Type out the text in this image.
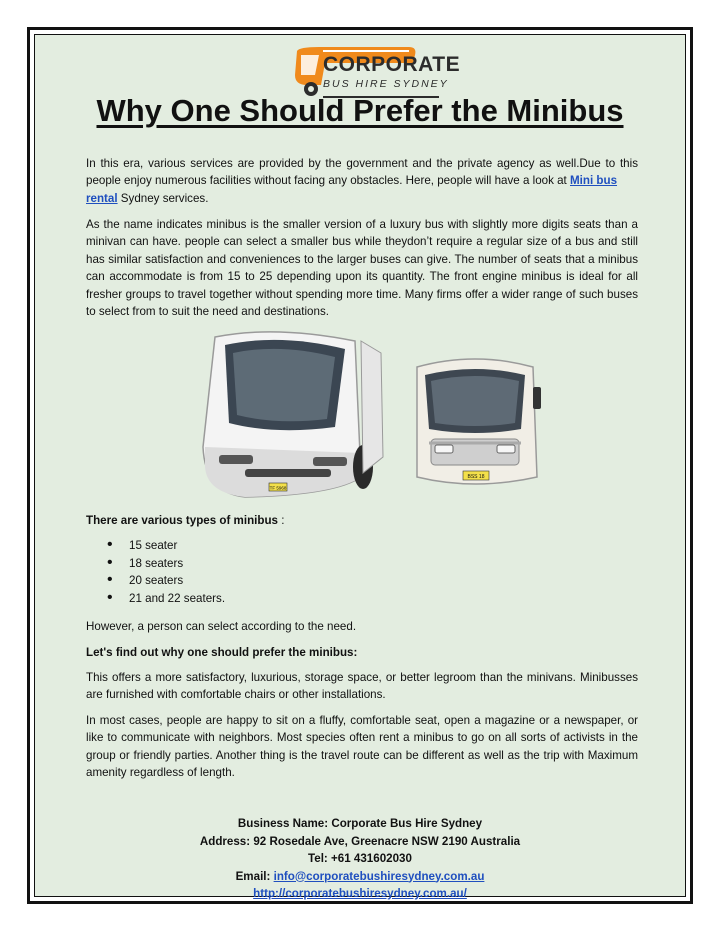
CORPORATE
BUS HIRE SYDNEY
Why One Should Prefer the Minibus

In this era, various services are provided by the government and the private agency as well.Due to this people enjoy numerous facilities without facing any obstacles. Here, people will have a look at Mini bus
rental Sydney services.

As the name indicates minibus is the smaller version of a luxury bus with slightly more digits seats than a minivan can have. people can select a smaller bus while theydon’t require a regular size of a bus and still has similar satisfaction and conveniences to the larger buses can give. The number of seats that a minibus can accommodate is from 15 to 25 depending upon its quantity. The front engine minibus is ideal for all fresher groups to travel together without spending more time. Many firms offer a wider range of such buses to select from to suit the need and destinations.

TF 5968
BSS 18

There are various types of minibus :

• 15 seater
• 18 seaters
• 20 seaters
• 21 and 22 seaters.

However, a person can select according to the need.

Let's find out why one should prefer the minibus:

This offers a more satisfactory, luxurious, storage space, or better legroom than the minivans. Minibusses are furnished with comfortable chairs or other installations.

In most cases, people are happy to sit on a fluffy, comfortable seat, open a magazine or a newspaper, or like to communicate with neighbors. Most species often rent a minibus to go on all sorts of activists in the group or friendly parties. Another thing is the travel route can be different as well as the trip with Maximum amenity regardless of length.

Business Name: Corporate Bus Hire Sydney
Address: 92 Rosedale Ave, Greenacre NSW 2190 Australia
Tel: +61 431602030
Email: info@corporatebushiresydney.com.au
http://corporatebushiresydney.com.au/
